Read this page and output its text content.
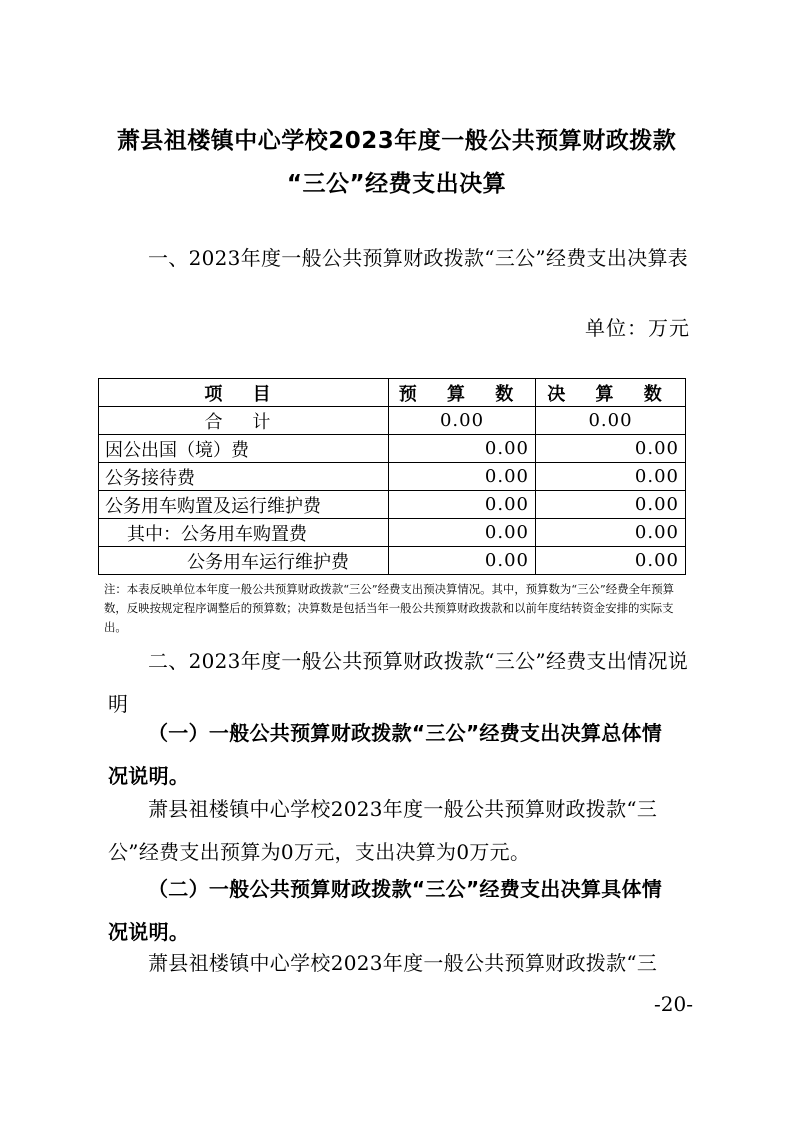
萧县祖楼镇中心学校2023年度一般公共预算财政拨款
“三公”经费支出决算
一、2023年度一般公共预算财政拨款“三公”经费支出决算表
单位：万元
项 目	预 算 数	决 算 数
合 计	0.00	0.00
因公出国（境）费	0.00	0.00
公务接待费	0.00	0.00
公务用车购置及运行维护费	0.00	0.00
其中：公务用车购置费	0.00	0.00
公务用车运行维护费	0.00	0.00
注：本表反映单位本年度一般公共预算财政拨款“三公”经费支出预决算情况。其中，预算数为“三公”经费全年预算数，反映按规定程序调整后的预算数；决算数是包括当年一般公共预算财政拨款和以前年度结转资金安排的实际支出。
二、2023年度一般公共预算财政拨款“三公”经费支出情况说明
（一）一般公共预算财政拨款“三公”经费支出决算总体情
况说明。
萧县祖楼镇中心学校2023年度一般公共预算财政拨款“三公”经费支出预算为0万元，支出决算为0万元。
（二）一般公共预算财政拨款“三公”经费支出决算具体情
况说明。
萧县祖楼镇中心学校2023年度一般公共预算财政拨款“三
-20-
